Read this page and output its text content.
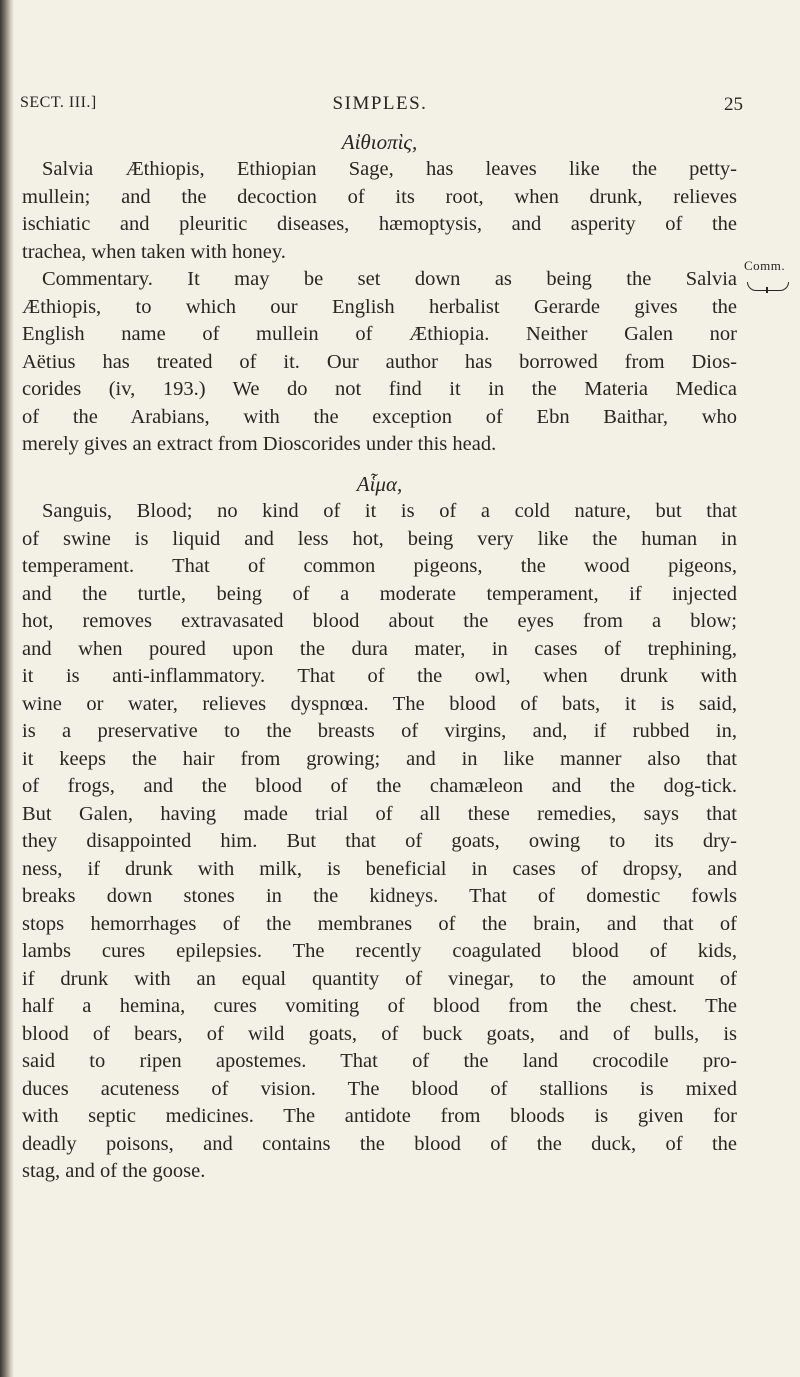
SECT. III.]	SIMPLES.	25
Comm.
Αἰθιοπὶς,
Salvia Æthiopis, Ethiopian Sage, has leaves like the petty-
mullein; and the decoction of its root, when drunk, relieves
ischiatic and pleuritic diseases, hæmoptysis, and asperity of the
trachea, when taken with honey.
Commentary. It may be set down as being the Salvia
Æthiopis, to which our English herbalist Gerarde gives the
English name of mullein of Æthiopia. Neither Galen nor
Aëtius has treated of it. Our author has borrowed from Dios-
corides (iv, 193.) We do not find it in the Materia Medica
of the Arabians, with the exception of Ebn Baithar, who
merely gives an extract from Dioscorides under this head.
Αἷμα,
Sanguis, Blood; no kind of it is of a cold nature, but that
of swine is liquid and less hot, being very like the human in
temperament. That of common pigeons, the wood pigeons,
and the turtle, being of a moderate temperament, if injected
hot, removes extravasated blood about the eyes from a blow;
and when poured upon the dura mater, in cases of trephining,
it is anti-inflammatory. That of the owl, when drunk with
wine or water, relieves dyspnœa. The blood of bats, it is said,
is a preservative to the breasts of virgins, and, if rubbed in,
it keeps the hair from growing; and in like manner also that
of frogs, and the blood of the chamæleon and the dog-tick.
But Galen, having made trial of all these remedies, says that
they disappointed him. But that of goats, owing to its dry-
ness, if drunk with milk, is beneficial in cases of dropsy, and
breaks down stones in the kidneys. That of domestic fowls
stops hemorrhages of the membranes of the brain, and that of
lambs cures epilepsies. The recently coagulated blood of kids,
if drunk with an equal quantity of vinegar, to the amount of
half a hemina, cures vomiting of blood from the chest. The
blood of bears, of wild goats, of buck goats, and of bulls, is
said to ripen apostemes. That of the land crocodile pro-
duces acuteness of vision. The blood of stallions is mixed
with septic medicines. The antidote from bloods is given for
deadly poisons, and contains the blood of the duck, of the
stag, and of the goose.
